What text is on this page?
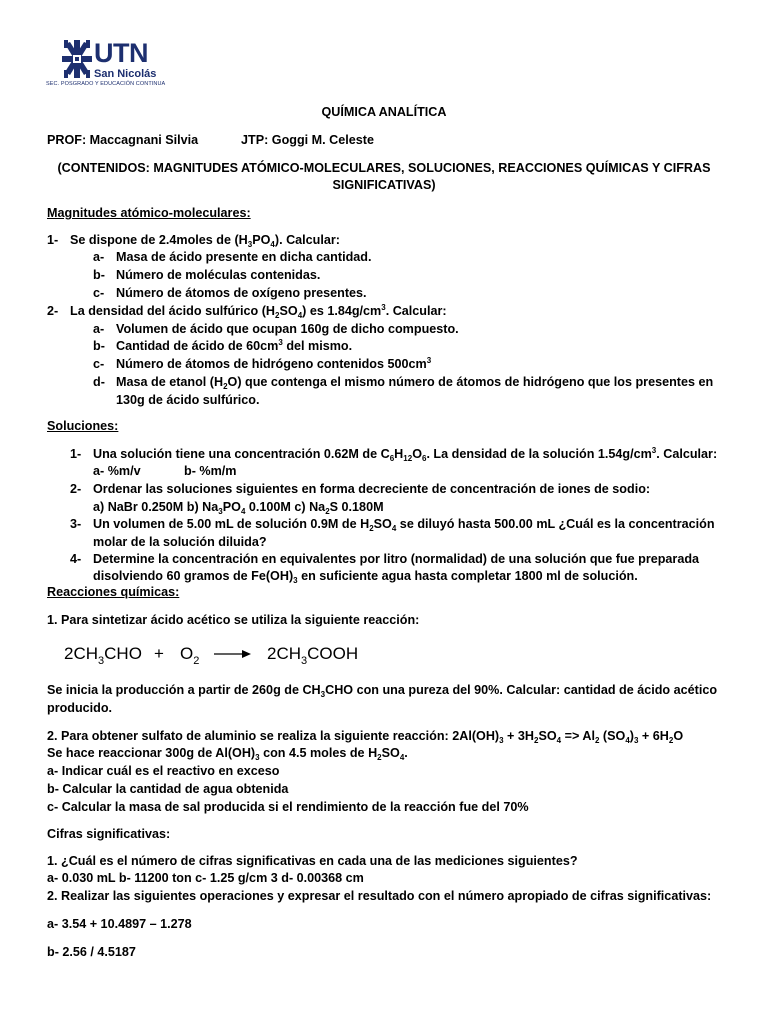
UTN
San Nicolás
SEC. POSGRADO Y EDUCACIÓN CONTINUA
QUÍMICA ANALÍTICA
PROF: Maccagnani Silvia	JTP: Goggi M. Celeste
(CONTENIDOS: MAGNITUDES ATÓMICO-MOLECULARES, SOLUCIONES, REACCIONES QUÍMICAS Y CIFRAS
SIGNIFICATIVAS)
Magnitudes atómico-moleculares:
1- Se dispone de 2.4moles de $(H_3PO_4)$. Calcular:
a- Masa de ácido presente en dicha cantidad.
b- Número de moléculas contenidas.
c- Número de átomos de oxígeno presentes.
2- La densidad del ácido sulfúrico $(H_2SO_4)$ es $1.84g/cm^3$. Calcular:
a- Volumen de ácido que ocupan 160g de dicho compuesto.
b- Cantidad de ácido de $60cm^3$ del mismo.
c- Número de átomos de hidrógeno contenidos $500cm^3$
d- Masa de etanol $(H_2O)$ que contenga el mismo número de átomos de hidrógeno que los presentes en
130g de ácido sulfúrico.
Soluciones:
1- Una solución tiene una concentración 0.62M de $C_6H_{12}O_6$. La densidad de la solución $1.54g/cm^3$. Calcular:
a- %m/v	b- %m/m
2- Ordenar las soluciones siguientes en forma decreciente de concentración de iones de sodio:
a) NaBr 0.250M b) $Na_3PO_4$ 0.100M c) $Na_2S$ 0.180M
3- Un volumen de 5.00 mL de solución 0.9M de $H_2SO_4$ se diluyó hasta 500.00 mL ¿Cuál es la concentración
molar de la solución diluida?
4- Determine la concentración en equivalentes por litro (normalidad) de una solución que fue preparada
disolviendo 60 gramos de $Fe(OH)_3$ en suficiente agua hasta completar 1800 ml de solución.
Reacciones químicas:
1. Para sintetizar ácido acético se utiliza la siguiente reacción:
$2CH_3CHO + O_2$ → $2CH_3COOH$
Se inicia la producción a partir de 260g de $CH_3CHO$ con una pureza del 90%. Calcular: cantidad de ácido acético
producido.
2. Para obtener sulfato de aluminio se realiza la siguiente reacción: $2Al(OH)_3 + 3H_2SO_4 => Al_2$ $(SO_4)_3 + 6H_2O$
Se hace reaccionar 300g de $Al(OH)_3$ con 4.5 moles de $H_2SO_4$.
a- Indicar cuál es el reactivo en exceso
b- Calcular la cantidad de agua obtenida
c- Calcular la masa de sal producida si el rendimiento de la reacción fue del 70%
Cifras significativas:
1. ¿Cuál es el número de cifras significativas en cada una de las mediciones siguientes?
a- 0.030 mL b- 11200 ton c- 1.25 g/cm 3 d- 0.00368 cm
2. Realizar las siguientes operaciones y expresar el resultado con el número apropiado de cifras significativas:
a- 3.54 + 10.4897 – 1.278
b- 2.56 / 4.5187
